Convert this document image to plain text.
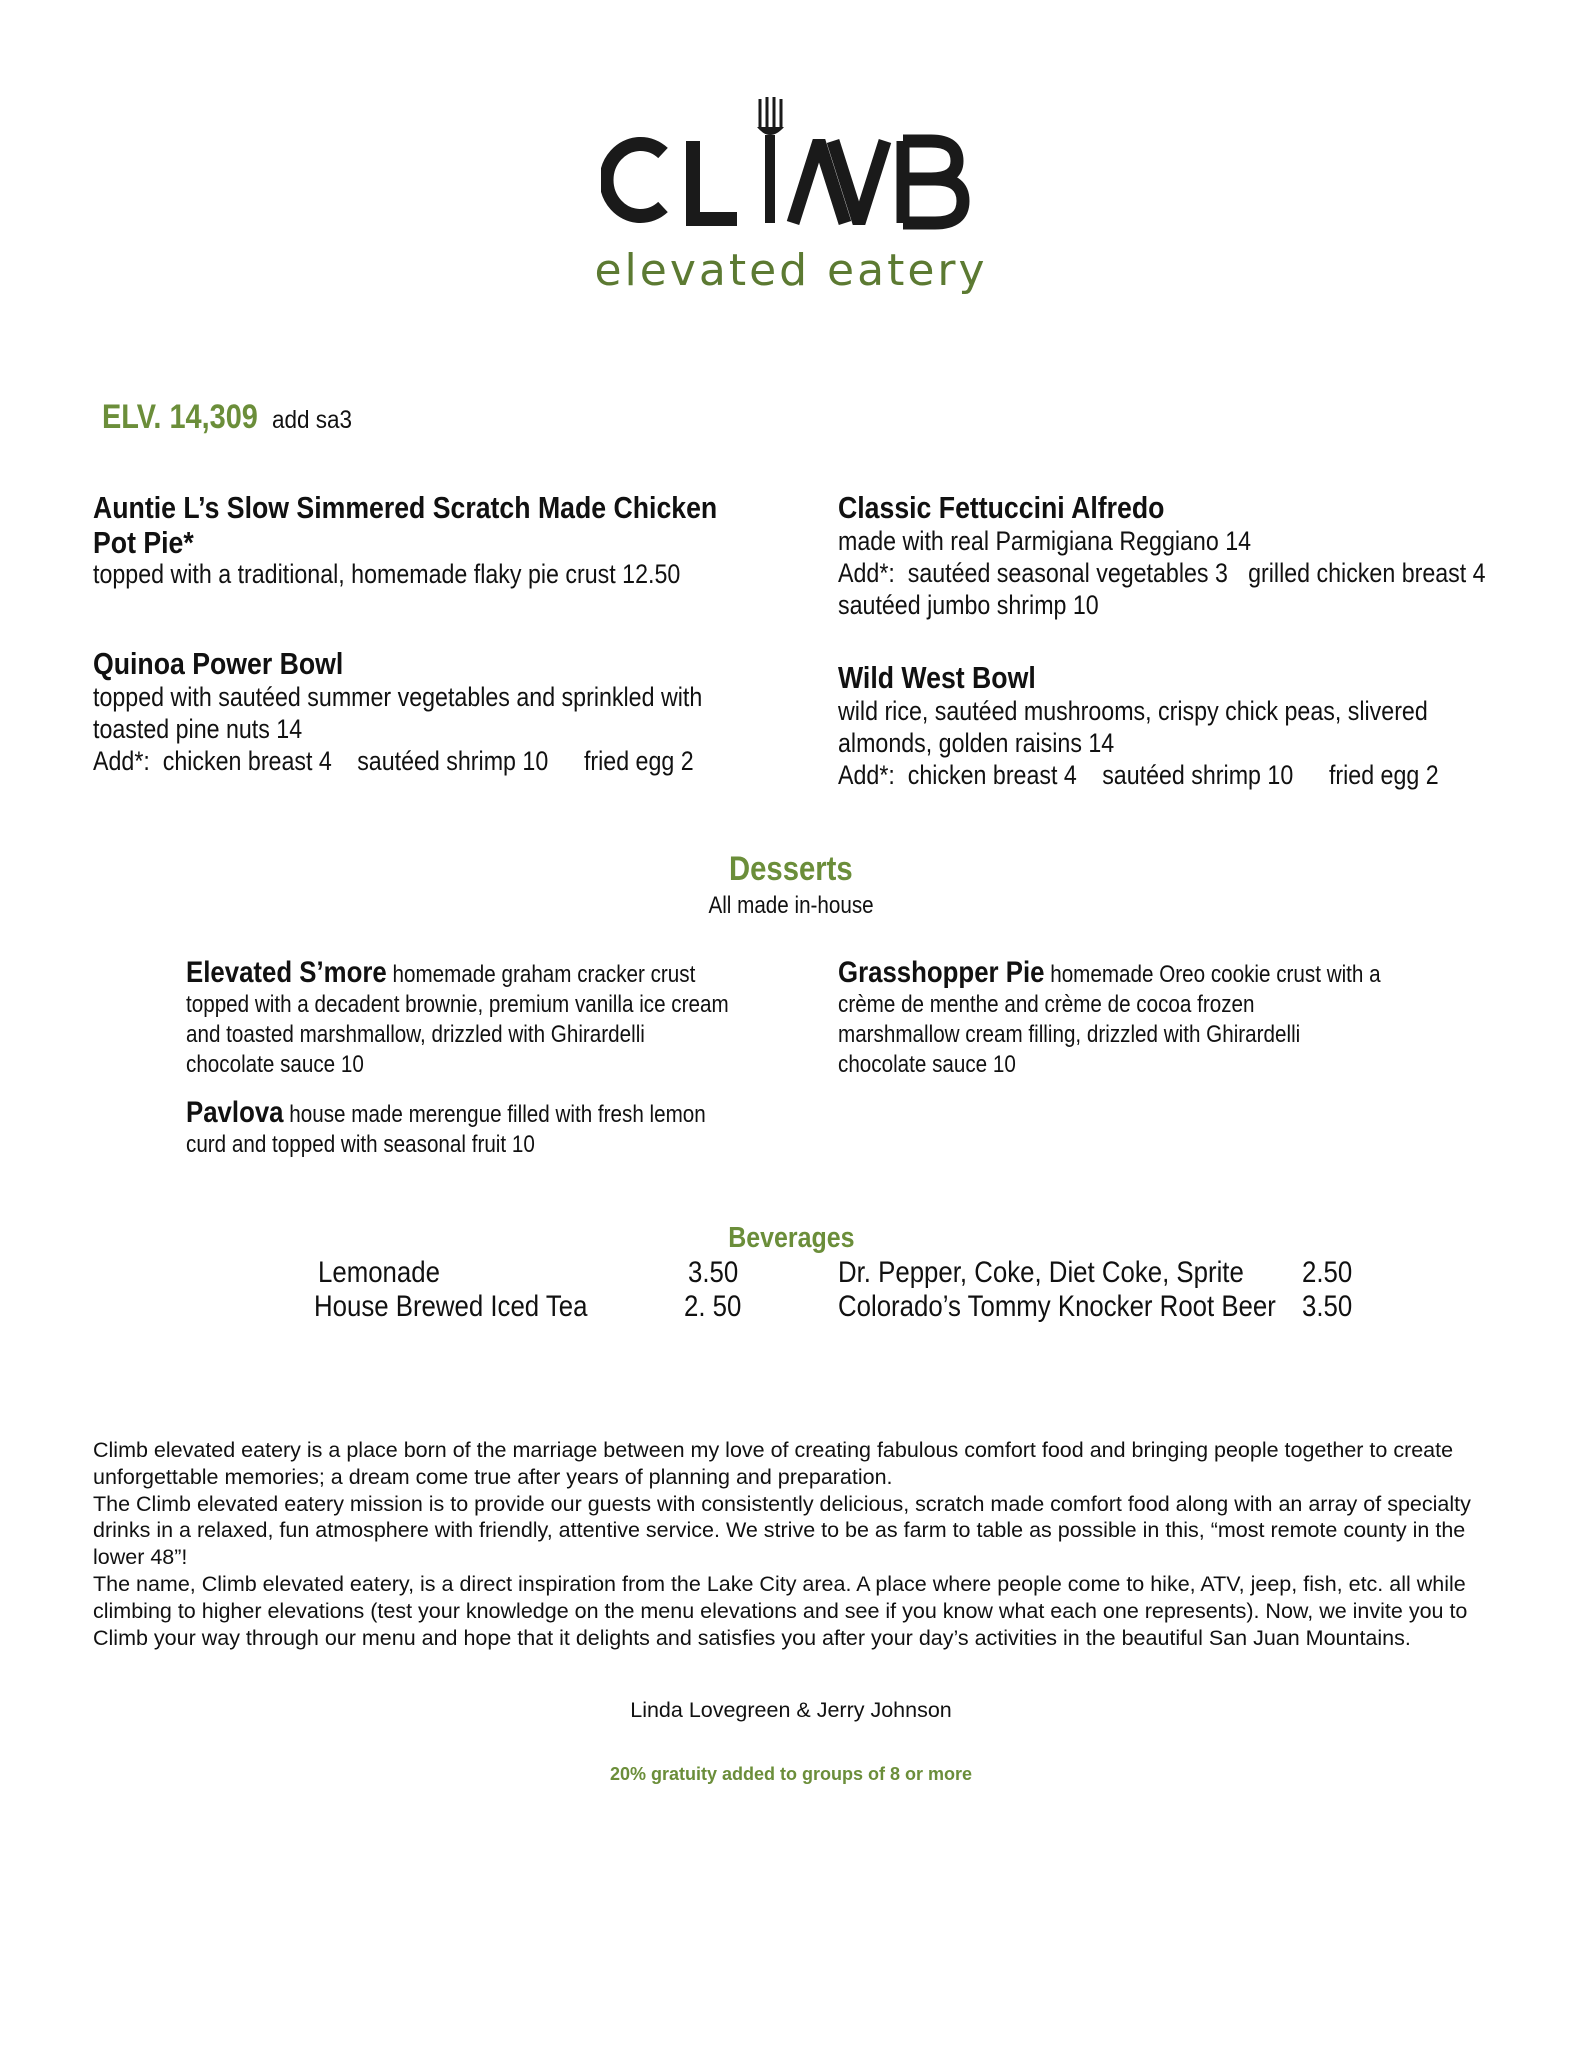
elevated eatery
ELV. 14,309 add sa3
Auntie L’s Slow Simmered Scratch Made Chicken
Pot Pie*
topped with a traditional, homemade flaky pie crust 12.50
Quinoa Power Bowl
topped with sautéed summer vegetables and sprinkled with
toasted pine nuts 14
Add*: chicken breast 4 sautéed shrimp 10 fried egg 2
Classic Fettuccini Alfredo
made with real Parmigiana Reggiano 14
Add*: sautéed seasonal vegetables 3 grilled chicken breast 4
sautéed jumbo shrimp 10
Wild West Bowl
wild rice, sautéed mushrooms, crispy chick peas, slivered
almonds, golden raisins 14
Add*: chicken breast 4 sautéed shrimp 10 fried egg 2
Desserts
All made in-house
Elevated S’more homemade graham cracker crust
topped with a decadent brownie, premium vanilla ice cream
and toasted marshmallow, drizzled with Ghirardelli
chocolate sauce 10
Pavlova house made merengue filled with fresh lemon
curd and topped with seasonal fruit 10
Grasshopper Pie homemade Oreo cookie crust with a
crème de menthe and crème de cocoa frozen
marshmallow cream filling, drizzled with Ghirardelli
chocolate sauce 10
Beverages
Lemonade	3.50
House Brewed Iced Tea	2. 50
Dr. Pepper, Coke, Diet Coke, Sprite 2.50
Colorado’s Tommy Knocker Root Beer 3.50

Climb elevated eatery is a place born of the marriage between my love of creating fabulous comfort food and bringing people together to create unforgettable memories; a dream come true after years of planning and preparation.

The Climb elevated eatery mission is to provide our guests with consistently delicious, scratch made comfort food along with an array of specialty drinks in a relaxed, fun atmosphere with friendly, attentive service. We strive to be as farm to table as possible in this, “most remote county in the lower 48”!

The name, Climb elevated eatery, is a direct inspiration from the Lake City area. A place where people come to hike, ATV, jeep, fish, etc. all while climbing to higher elevations (test your knowledge on the menu elevations and see if you know what each one represents). Now, we invite you to Climb your way through our menu and hope that it delights and satisfies you after your day’s activities in the beautiful San Juan Mountains.

Linda Lovegreen & Jerry Johnson
20% gratuity added to groups of 8 or more
